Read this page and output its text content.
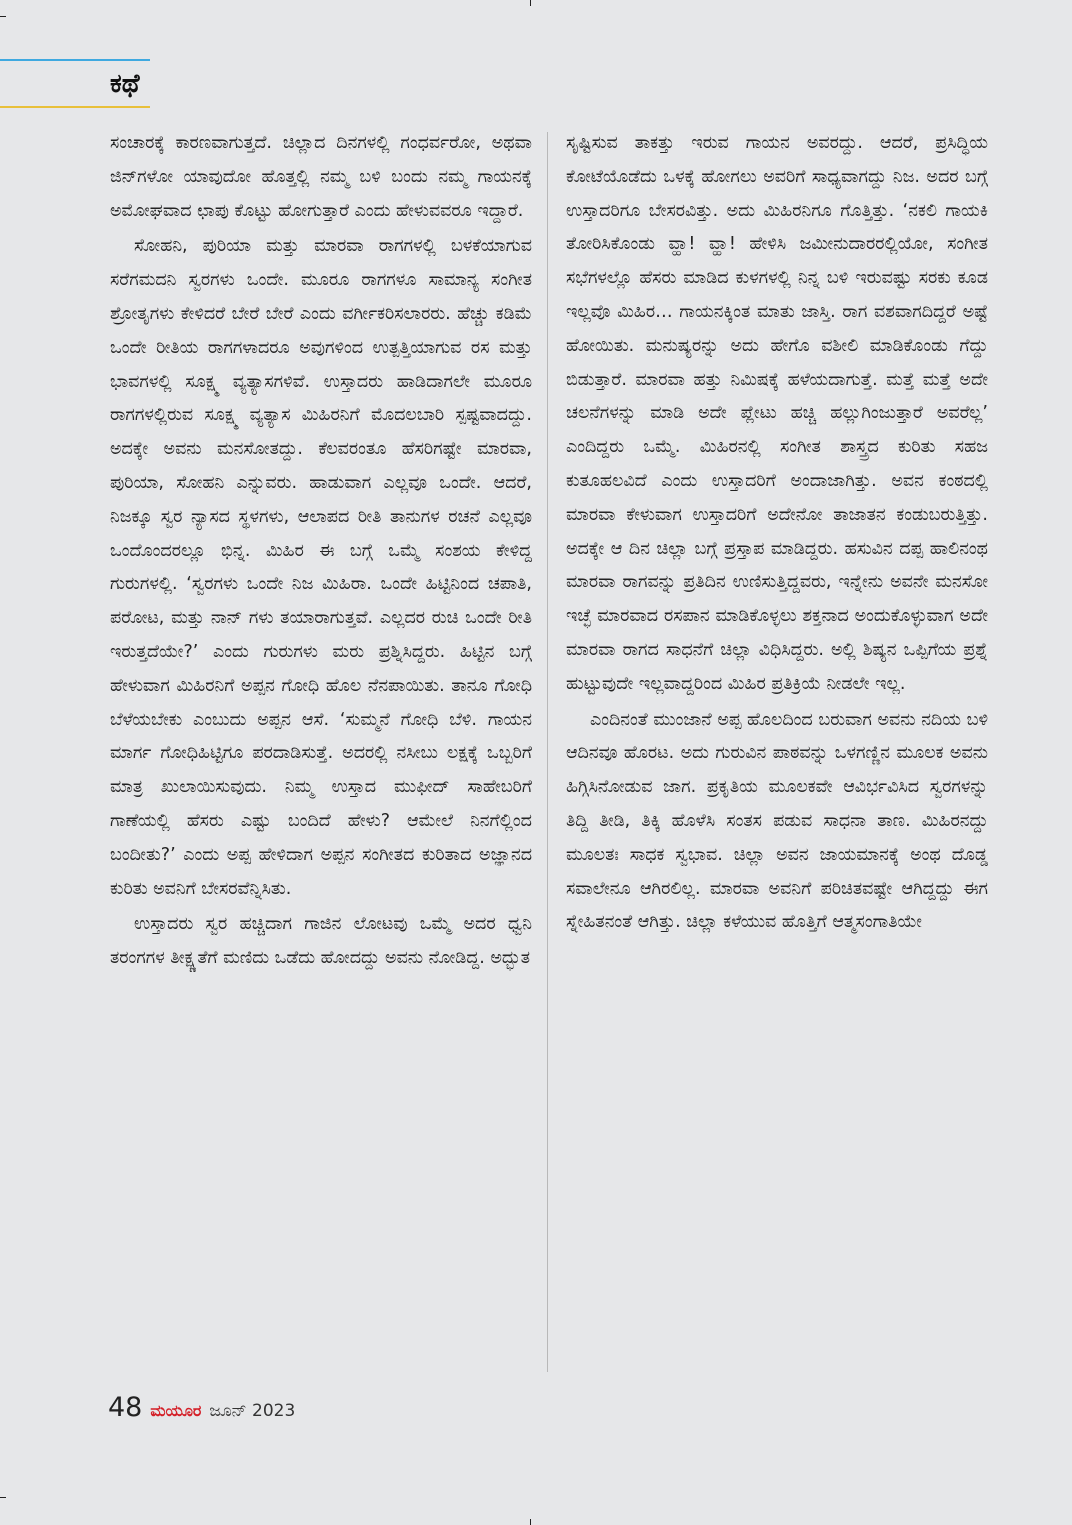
ಕಥೆ

ಸಂಚಾರಕ್ಕೆ ಕಾರಣವಾಗುತ್ತದೆ. ಚಿಲ್ಲಾದ ದಿನಗಳಲ್ಲಿ ಗಂಧರ್ವರೋ, ಅಥವಾ ಜಿನ್‌ಗಳೋ ಯಾವುದೋ ಹೊತ್ತಲ್ಲಿ ನಮ್ಮ ಬಳಿ ಬಂದು ನಮ್ಮ ಗಾಯನಕ್ಕೆ ಅಮೋಘವಾದ ಛಾಪು ಕೊಟ್ಟು ಹೋಗುತ್ತಾರೆ ಎಂದು ಹೇಳುವವರೂ ಇದ್ದಾರೆ.

ಸೋಹನಿ, ಪುರಿಯಾ ಮತ್ತು ಮಾರವಾ ರಾಗಗಳಲ್ಲಿ ಬಳಕೆಯಾಗುವ ಸರೆಗಮದನಿ ಸ್ವರಗಳು ಒಂದೇ. ಮೂರೂ ರಾಗಗಳೂ ಸಾಮಾನ್ಯ ಸಂಗೀತ ಶ್ರೋತೃಗಳು ಕೇಳಿದರೆ ಬೇರೆ ಬೇರೆ ಎಂದು ವರ್ಗೀಕರಿಸಲಾರರು. ಹೆಚ್ಚು ಕಡಿಮೆ ಒಂದೇ ರೀತಿಯ ರಾಗಗಳಾದರೂ ಅವುಗಳಿಂದ ಉತ್ಪತ್ತಿಯಾಗುವ ರಸ ಮತ್ತು ಭಾವಗಳಲ್ಲಿ ಸೂಕ್ಷ್ಮ ವ್ಯತ್ಯಾಸಗಳಿವೆ. ಉಸ್ತಾದರು ಹಾಡಿದಾಗಲೇ ಮೂರೂ ರಾಗಗಳಲ್ಲಿರುವ ಸೂಕ್ಷ್ಮ ವ್ಯತ್ಯಾಸ ಮಿಹಿರನಿಗೆ ಮೊದಲಬಾರಿ ಸ್ಪಷ್ಟವಾದದ್ದು. ಅದಕ್ಕೇ ಅವನು ಮನಸೋತದ್ದು. ಕೆಲವರಂತೂ ಹೆಸರಿಗಷ್ಟೇ ಮಾರವಾ, ಪುರಿಯಾ, ಸೋಹನಿ ಎನ್ನುವರು. ಹಾಡುವಾಗ ಎಲ್ಲವೂ ಒಂದೇ. ಆದರೆ, ನಿಜಕ್ಕೂ ಸ್ವರ ನ್ಯಾಸದ ಸ್ಥಳಗಳು, ಆಲಾಪದ ರೀತಿ ತಾನುಗಳ ರಚನೆ ಎಲ್ಲವೂ ಒಂದೊಂದರಲ್ಲೂ ಭಿನ್ನ. ಮಿಹಿರ ಈ ಬಗ್ಗೆ ಒಮ್ಮೆ ಸಂಶಯ ಕೇಳಿದ್ದ ಗುರುಗಳಲ್ಲಿ. ‘ಸ್ವರಗಳು ಒಂದೇ ನಿಜ ಮಿಹಿರಾ. ಒಂದೇ ಹಿಟ್ಟಿನಿಂದ ಚಪಾತಿ, ಪರೋಟ, ಮತ್ತು ನಾನ್ ಗಳು ತಯಾರಾಗುತ್ತವೆ. ಎಲ್ಲದರ ರುಚಿ ಒಂದೇ ರೀತಿ ಇರುತ್ತದೆಯೇ?’ ಎಂದು ಗುರುಗಳು ಮರು ಪ್ರಶ್ನಿಸಿದ್ದರು. ಹಿಟ್ಟಿನ ಬಗ್ಗೆ ಹೇಳುವಾಗ ಮಿಹಿರನಿಗೆ ಅಪ್ಪನ ಗೋಧಿ ಹೊಲ ನೆನಪಾಯಿತು. ತಾನೂ ಗೋಧಿ ಬೆಳೆಯಬೇಕು ಎಂಬುದು ಅಪ್ಪನ ಆಸೆ. ‘ಸುಮ್ಮನೆ ಗೋಧಿ ಬೆಳಿ. ಗಾಯನ ಮಾರ್ಗ ಗೋಧಿಹಿಟ್ಟಿಗೂ ಪರದಾಡಿಸುತ್ತೆ. ಅದರಲ್ಲಿ ನಸೀಬು ಲಕ್ಷಕ್ಕೆ ಒಬ್ಬರಿಗೆ ಮಾತ್ರ ಖುಲಾಯಿಸುವುದು. ನಿಮ್ಮ ಉಸ್ತಾದ ಮುಫೀದ್ ಸಾಹೇಬರಿಗೆ ಗಾಣೆಯಲ್ಲಿ ಹೆಸರು ಎಷ್ಟು ಬಂದಿದೆ ಹೇಳು? ಆಮೇಲೆ ನಿನಗೆಲ್ಲಿಂದ ಬಂದೀತು?’ ಎಂದು ಅಪ್ಪ ಹೇಳಿದಾಗ ಅಪ್ಪನ ಸಂಗೀತದ ಕುರಿತಾದ ಅಜ್ಞಾನದ ಕುರಿತು ಅವನಿಗೆ ಬೇಸರವೆನ್ನಿಸಿತು.

ಉಸ್ತಾದರು ಸ್ವರ ಹಚ್ಚಿದಾಗ ಗಾಜಿನ ಲೋಟವು ಒಮ್ಮೆ ಅದರ ಧ್ವನಿ ತರಂಗಗಳ ತೀಕ್ಷ್ಣತೆಗೆ ಮಣಿದು ಒಡೆದು ಹೋದದ್ದು ಅವನು ನೋಡಿದ್ದ. ಅದ್ಭುತ

ಸೃಷ್ಟಿಸುವ ತಾಕತ್ತು ಇರುವ ಗಾಯನ ಅವರದ್ದು. ಆದರೆ, ಪ್ರಸಿದ್ಧಿಯ ಕೋಟೆಯೊಡೆದು ಒಳಕ್ಕೆ ಹೋಗಲು ಅವರಿಗೆ ಸಾಧ್ಯವಾಗದ್ದು ನಿಜ. ಅದರ ಬಗ್ಗೆ ಉಸ್ತಾದರಿಗೂ ಬೇಸರವಿತ್ತು. ಅದು ಮಿಹಿರನಿಗೂ ಗೊತ್ತಿತ್ತು. ‘ನಕಲಿ ಗಾಯಕಿ ತೋರಿಸಿಕೊಂಡು ವ್ಹಾ! ವ್ಹಾ! ಹೇಳಿಸಿ ಜಮೀನುದಾರರಲ್ಲಿಯೋ, ಸಂಗೀತ ಸಭೆಗಳಲ್ಲೊ ಹೆಸರು ಮಾಡಿದ ಕುಳಗಳಲ್ಲಿ ನಿನ್ನ ಬಳಿ ಇರುವಷ್ಟು ಸರಕು ಕೂಡ ಇಲ್ಲವೊ ಮಿಹಿರ… ಗಾಯನಕ್ಕಿಂತ ಮಾತು ಜಾಸ್ತಿ. ರಾಗ ವಶವಾಗದಿದ್ದರೆ ಅಷ್ಟೆ ಹೋಯಿತು. ಮನುಷ್ಯರನ್ನು ಅದು ಹೇಗೊ ವಶೀಲಿ ಮಾಡಿಕೊಂಡು ಗೆದ್ದು ಬಿಡುತ್ತಾರೆ. ಮಾರವಾ ಹತ್ತು ನಿಮಿಷಕ್ಕೆ ಹಳೆಯದಾಗುತ್ತೆ. ಮತ್ತೆ ಮತ್ತೆ ಅದೇ ಚಲನೆಗಳನ್ನು ಮಾಡಿ ಅದೇ ಪ್ಲೇಟು ಹಚ್ಚಿ ಹಲ್ಲುಗಿಂಜುತ್ತಾರೆ ಅವರೆಲ್ಲ’ ಎಂದಿದ್ದರು ಒಮ್ಮೆ. ಮಿಹಿರನಲ್ಲಿ ಸಂಗೀತ ಶಾಸ್ತ್ರದ ಕುರಿತು ಸಹಜ ಕುತೂಹಲವಿದೆ ಎಂದು ಉಸ್ತಾದರಿಗೆ ಅಂದಾಜಾಗಿತ್ತು. ಅವನ ಕಂಠದಲ್ಲಿ ಮಾರವಾ ಕೇಳುವಾಗ ಉಸ್ತಾದರಿಗೆ ಅದೇನೋ ತಾಜಾತನ ಕಂಡುಬರುತ್ತಿತ್ತು. ಅದಕ್ಕೇ ಆ ದಿನ ಚಿಲ್ಲಾ ಬಗ್ಗೆ ಪ್ರಸ್ತಾಪ ಮಾಡಿದ್ದರು. ಹಸುವಿನ ದಪ್ಪ ಹಾಲಿನಂಥ ಮಾರವಾ ರಾಗವನ್ನು ಪ್ರತಿದಿನ ಉಣಿಸುತ್ತಿದ್ದವರು, ಇನ್ನೇನು ಅವನೇ ಮನಸೋ ಇಚ್ಛೆ ಮಾರವಾದ ರಸಪಾನ ಮಾಡಿಕೊಳ್ಳಲು ಶಕ್ತನಾದ ಅಂದುಕೊಳ್ಳುವಾಗ ಅದೇ ಮಾರವಾ ರಾಗದ ಸಾಧನೆಗೆ ಚಿಲ್ಲಾ ವಿಧಿಸಿದ್ದರು. ಅಲ್ಲಿ ಶಿಷ್ಯನ ಒಪ್ಪಿಗೆಯ ಪ್ರಶ್ನೆ ಹುಟ್ಟುವುದೇ ಇಲ್ಲವಾದ್ದರಿಂದ ಮಿಹಿರ ಪ್ರತಿಕ್ರಿಯೆ ನೀಡಲೇ ಇಲ್ಲ.

ಎಂದಿನಂತೆ ಮುಂಜಾನೆ ಅಪ್ಪ ಹೊಲದಿಂದ ಬರುವಾಗ ಅವನು ನದಿಯ ಬಳಿ ಆದಿನವೂ ಹೊರಟ. ಅದು ಗುರುವಿನ ಪಾಠವನ್ನು ಒಳಗಣ್ಣಿನ ಮೂಲಕ ಅವನು ಹಿಗ್ಗಿಸಿನೋಡುವ ಜಾಗ. ಪ್ರಕೃತಿಯ ಮೂಲಕವೇ ಆವಿರ್ಭವಿಸಿದ ಸ್ವರಗಳನ್ನು ತಿದ್ದಿ ತೀಡಿ, ತಿಕ್ಕಿ ಹೊಳೆಸಿ ಸಂತಸ ಪಡುವ ಸಾಧನಾ ತಾಣ. ಮಿಹಿರನದ್ದು ಮೂಲತಃ ಸಾಧಕ ಸ್ವಭಾವ. ಚಿಲ್ಲಾ ಅವನ ಜಾಯಮಾನಕ್ಕೆ ಅಂಥ ದೊಡ್ಡ ಸವಾಲೇನೂ ಆಗಿರಲಿಲ್ಲ. ಮಾರವಾ ಅವನಿಗೆ ಪರಿಚಿತವಷ್ಟೇ ಆಗಿದ್ದದ್ದು ಈಗ ಸ್ನೇಹಿತನಂತೆ ಆಗಿತ್ತು. ಚಿಲ್ಲಾ ಕಳೆಯುವ ಹೊತ್ತಿಗೆ ಆತ್ಮಸಂಗಾತಿಯೇ

48 ಮಯೂರ ಜೂನ್ 2023
